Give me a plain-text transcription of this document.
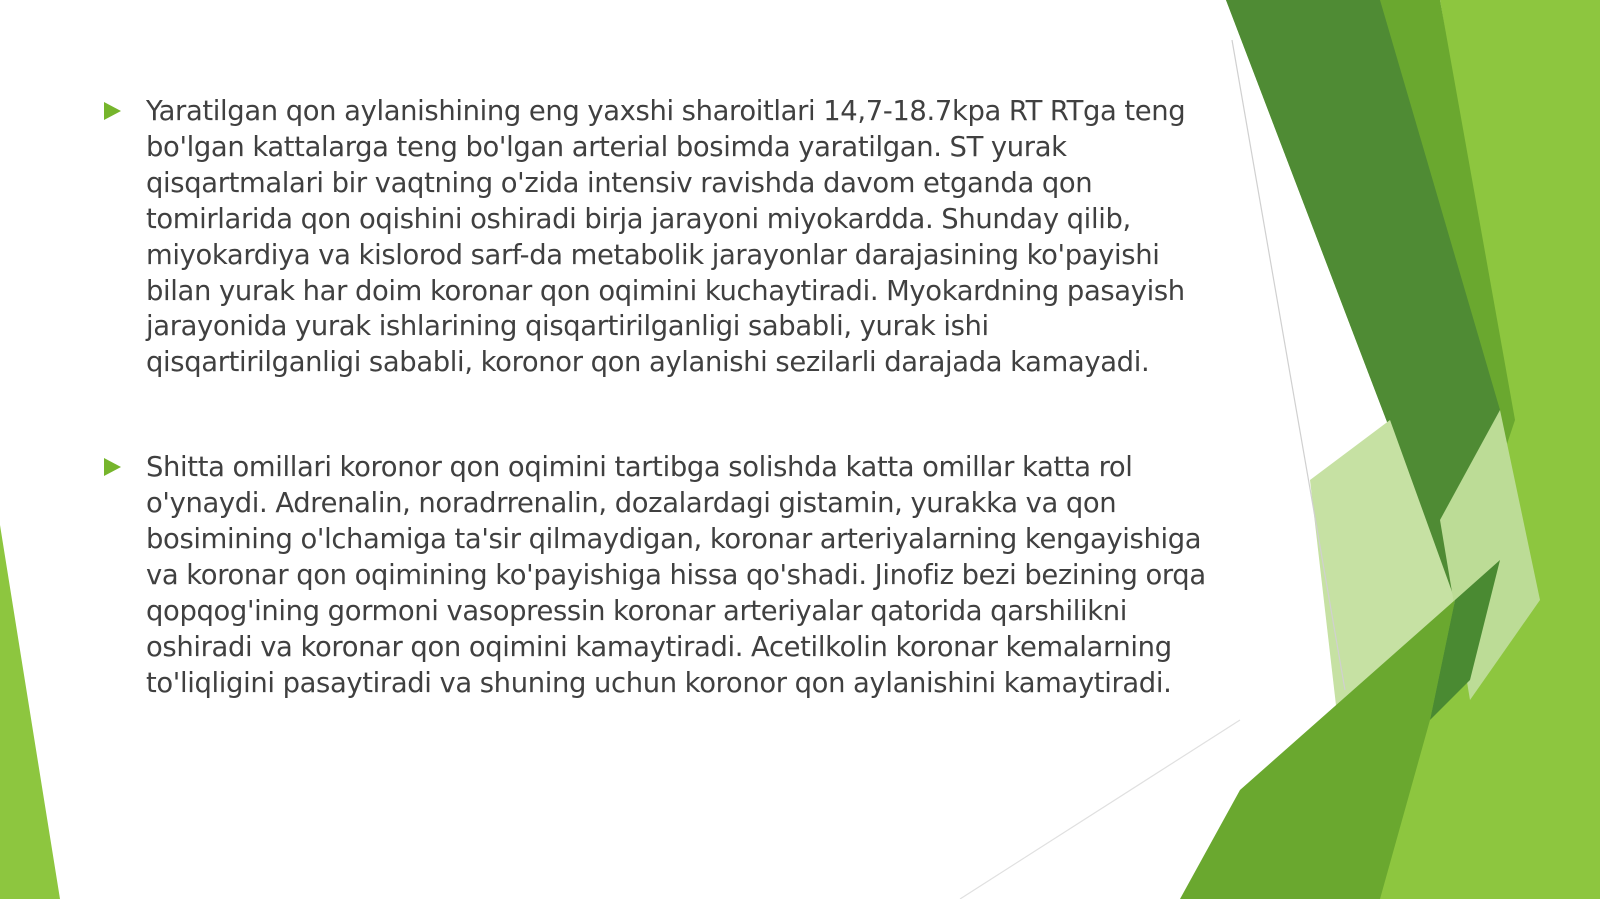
Yaratilgan qon aylanishining eng yaxshi sharoitlari 14,7-18.7kpa RT RTga teng bo'lgan kattalarga teng bo'lgan arterial bosimda yaratilgan. ST yurak qisqartmalari bir vaqtning o'zida intensiv ravishda davom etganda qon tomirlarida qon oqishini oshiradi birja jarayoni miyokardda. Shunday qilib, miyokardiya va kislorod sarf-da metabolik jarayonlar darajasining ko'payishi bilan yurak har doim koronar qon oqimini kuchaytiradi. Myokardning pasayish jarayonida yurak ishlarining qisqartirilganligi sababli, yurak ishi qisqartirilganligi sababli, koronor qon aylanishi sezilarli darajada kamayadi.
Shitta omillari koronor qon oqimini tartibga solishda katta omillar katta rol o'ynaydi. Adrenalin, noradrrenalin, dozalardagi gistamin, yurakka va qon bosimining o'lchamiga ta'sir qilmaydigan, koronar arteriyalarning kengayishiga va koronar qon oqimining ko'payishiga hissa qo'shadi. Jinofiz bezi bezining orqa qopqog'ining gormoni vasopressin koronar arteriyalar qatorida qarshilikni oshiradi va koronar qon oqimini kamaytiradi. Acetilkolin koronar kemalarning to'liqligini pasaytiradi va shuning uchun koronor qon aylanishini kamaytiradi.
